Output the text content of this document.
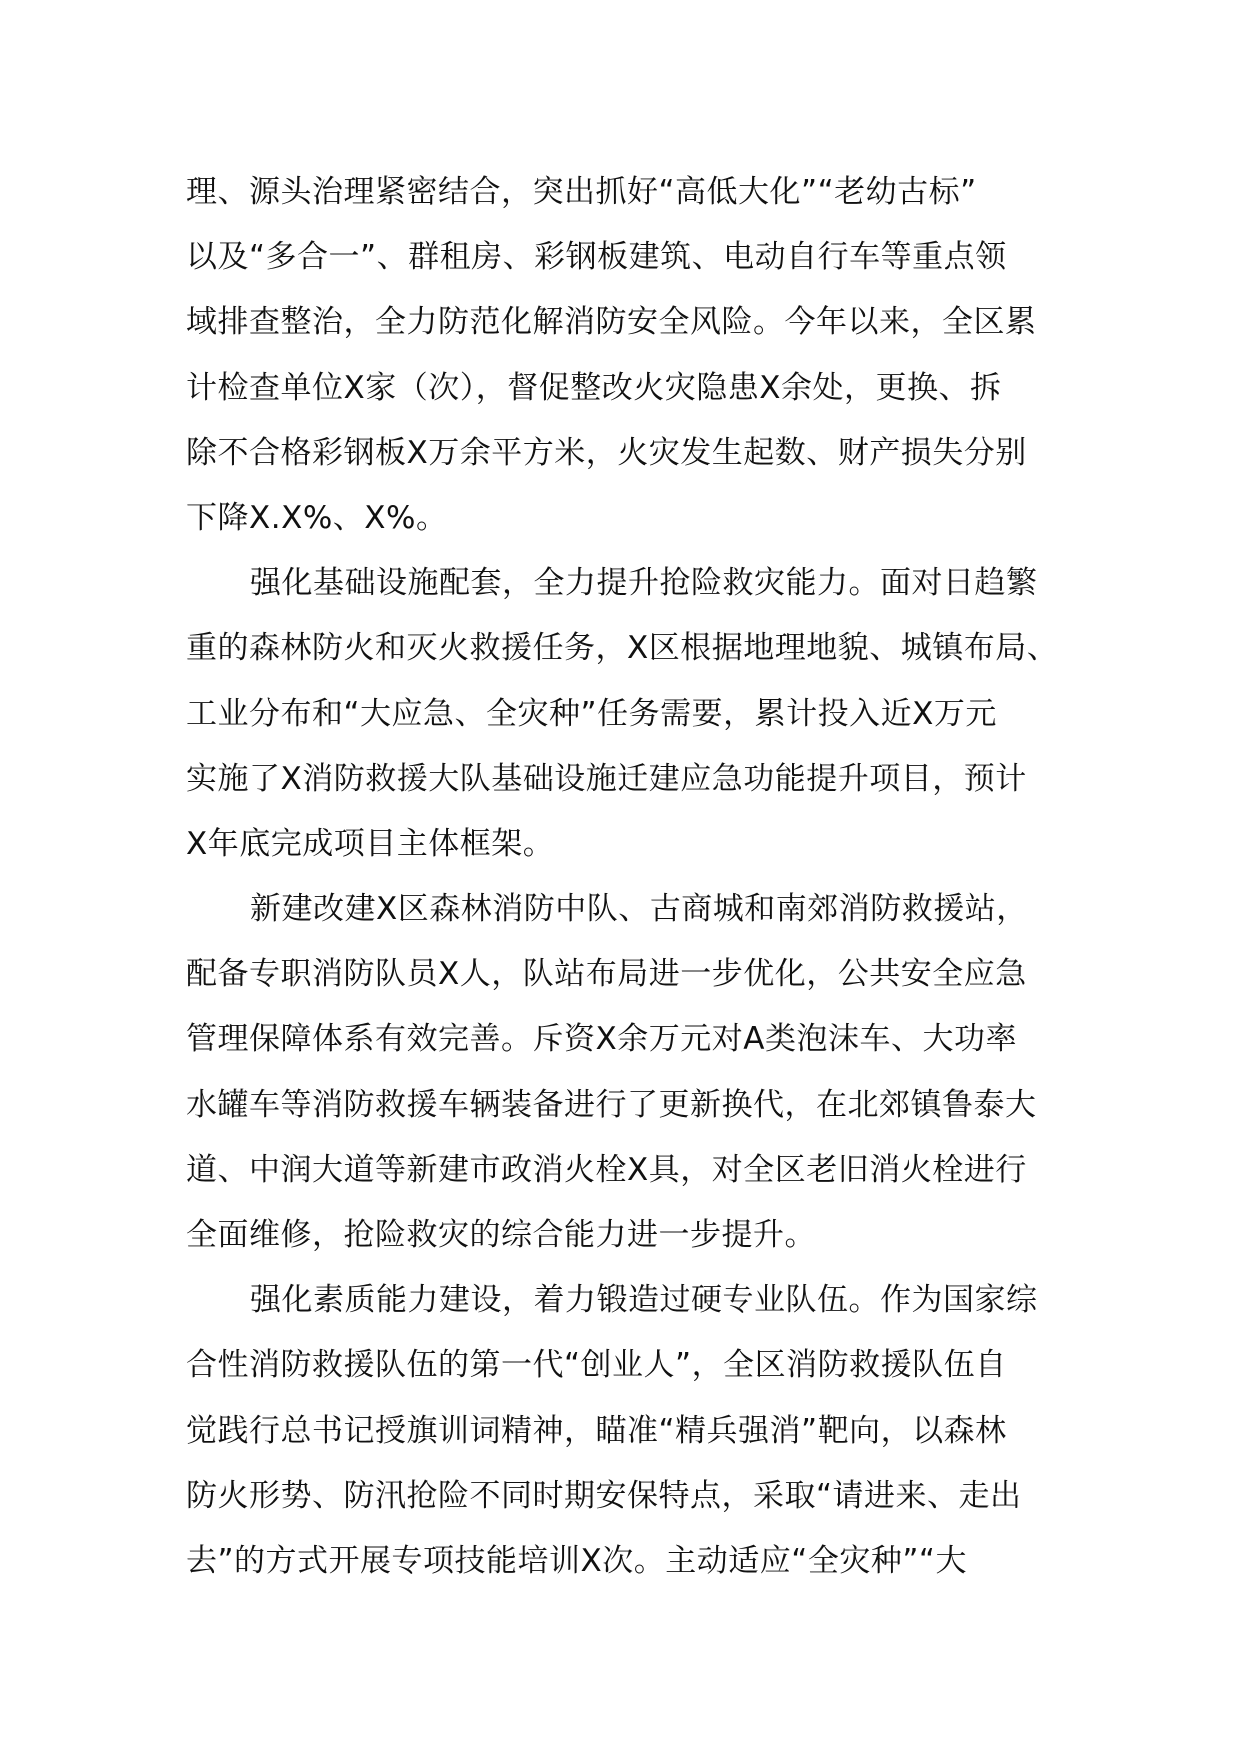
理、源头治理紧密结合，突出抓好“高低大化”“老幼古标”
以及“多合一”、群租房、彩钢板建筑、电动自行车等重点领
域排查整治，全力防范化解消防安全风险。今年以来，全区累
计检查单位X家（次），督促整改火灾隐患X余处，更换、拆
除不合格彩钢板X万余平方米，火灾发生起数、财产损失分别
下降X.X%、X%。
强化基础设施配套，全力提升抢险救灾能力。面对日趋繁
重的森林防火和灭火救援任务，X区根据地理地貌、城镇布局、
工业分布和“大应急、全灾种”任务需要，累计投入近X万元
实施了X消防救援大队基础设施迁建应急功能提升项目，预计
X年底完成项目主体框架。
新建改建X区森林消防中队、古商城和南郊消防救援站，
配备专职消防队员X人，队站布局进一步优化，公共安全应急
管理保障体系有效完善。斥资X余万元对A类泡沫车、大功率
水罐车等消防救援车辆装备进行了更新换代，在北郊镇鲁泰大
道、中润大道等新建市政消火栓X具，对全区老旧消火栓进行
全面维修，抢险救灾的综合能力进一步提升。
强化素质能力建设，着力锻造过硬专业队伍。作为国家综
合性消防救援队伍的第一代“创业人”，全区消防救援队伍自
觉践行总书记授旗训词精神，瞄准“精兵强消”靶向，以森林
防火形势、防汛抢险不同时期安保特点，采取“请进来、走出
去”的方式开展专项技能培训X次。主动适应“全灾种”“大
